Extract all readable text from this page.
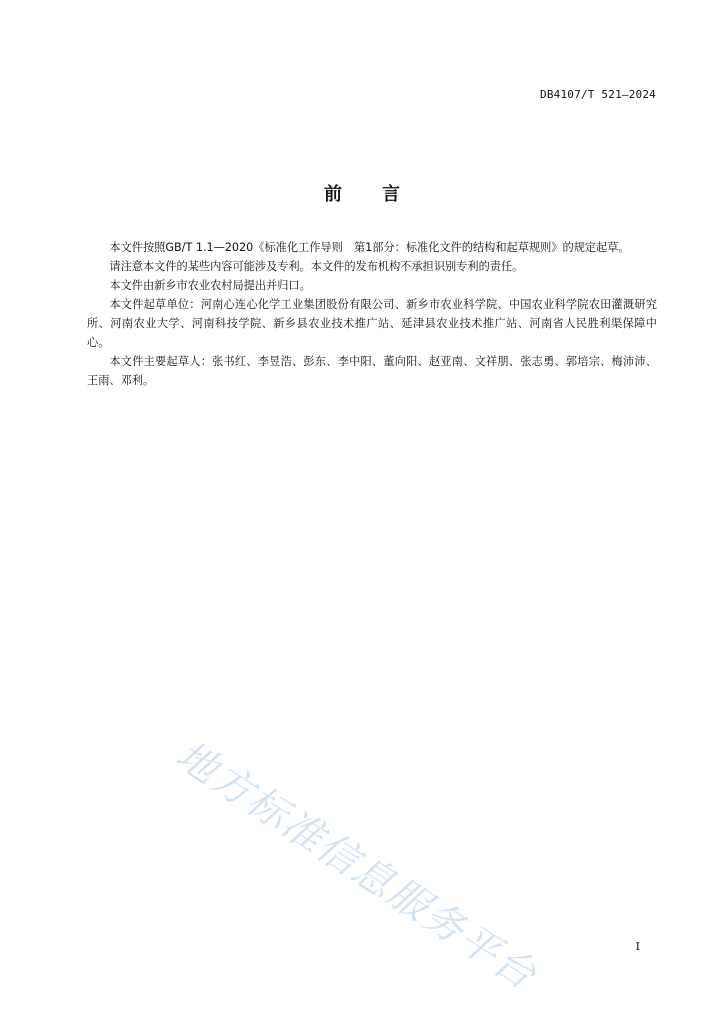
DB4107/T 521—2024
前言

本文件按照GB/T 1.1—2020《标准化工作导则　第1部分：标准化文件的结构和起草规则》的规定起草。

请注意本文件的某些内容可能涉及专利。本文件的发布机构不承担识别专利的责任。

本文件由新乡市农业农村局提出并归口。

本文件起草单位：河南心连心化学工业集团股份有限公司、新乡市农业科学院、中国农业科学院农田灌溉研究所、河南农业大学、河南科技学院、新乡县农业技术推广站、延津县农业技术推广站、河南省人民胜利渠保障中心。

本文件主要起草人：张书红、李昱浩、彭东、李中阳、董向阳、赵亚南、文祥朋、张志勇、郭培宗、梅沛沛、王雨、邓利。

地方标准信息服务平台	I
